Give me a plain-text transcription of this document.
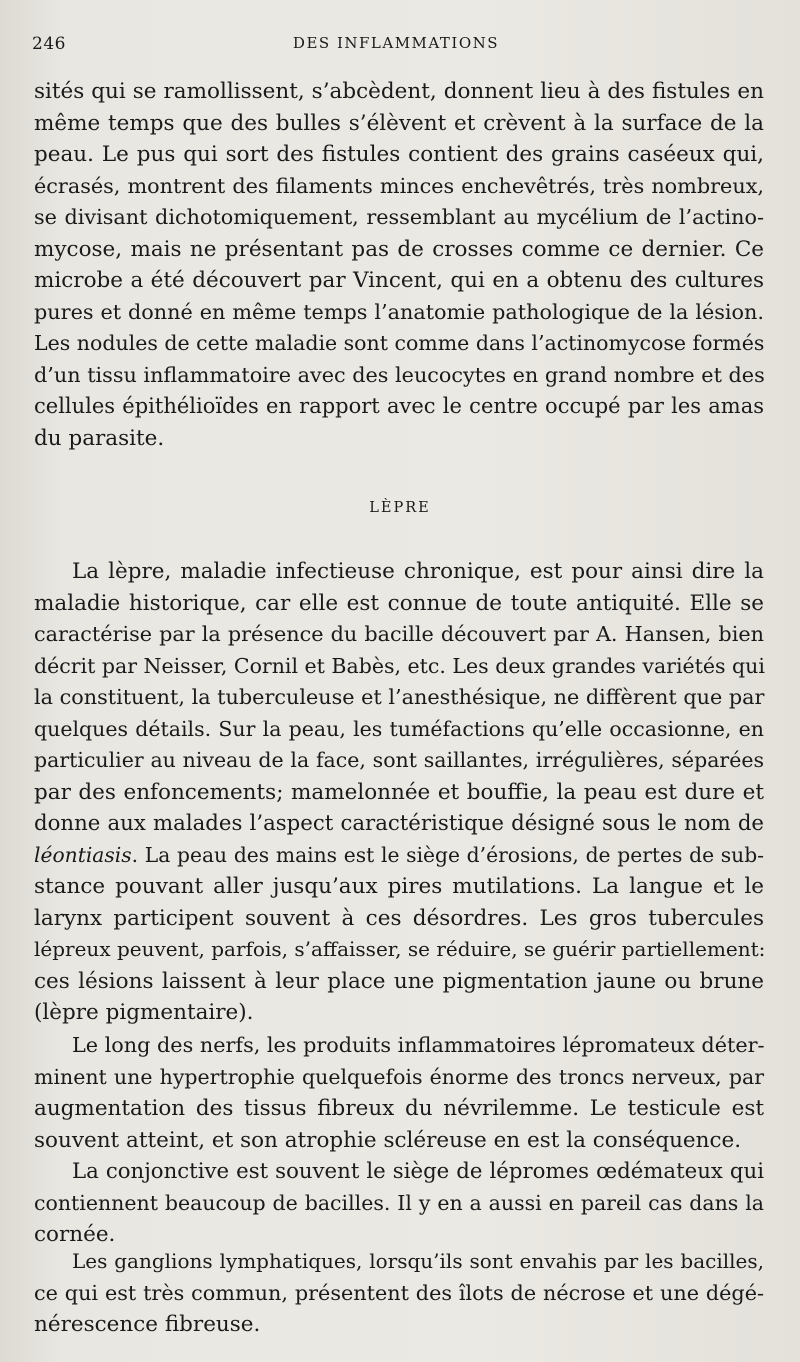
246	DES INFLAMMATIONS
sités qui se ramollissent, s’abcèdent, donnent lieu à des fistules en
même temps que des bulles s’élèvent et crèvent à la surface de la
peau. Le pus qui sort des fistules contient des grains caséeux qui,
écrasés, montrent des filaments minces enchevêtrés, très nombreux,
se divisant dichotomiquement, ressemblant au mycélium de l’actino-
mycose, mais ne présentant pas de crosses comme ce dernier. Ce
microbe a été découvert par Vincent, qui en a obtenu des cultures
pures et donné en même temps l’anatomie pathologique de la lésion.
Les nodules de cette maladie sont comme dans l’actinomycose formés
d’un tissu inflammatoire avec des leucocytes en grand nombre et des
cellules épithélioïdes en rapport avec le centre occupé par les amas
du parasite.
LÈPRE
La lèpre, maladie infectieuse chronique, est pour ainsi dire la
maladie historique, car elle est connue de toute antiquité. Elle se
caractérise par la présence du bacille découvert par A. Hansen, bien
décrit par Neisser, Cornil et Babès, etc. Les deux grandes variétés qui
la constituent, la tuberculeuse et l’anesthésique, ne diffèrent que par
quelques détails. Sur la peau, les tuméfactions qu’elle occasionne, en
particulier au niveau de la face, sont saillantes, irrégulières, séparées
par des enfoncements; mamelonnée et bouffie, la peau est dure et
donne aux malades l’aspect caractéristique désigné sous le nom de
léontiasis. La peau des mains est le siège d’érosions, de pertes de sub-
stance pouvant aller jusqu’aux pires mutilations. La langue et le
larynx participent souvent à ces désordres. Les gros tubercules
lépreux peuvent, parfois, s’affaisser, se réduire, se guérir partiellement:
ces lésions laissent à leur place une pigmentation jaune ou brune
(lèpre pigmentaire).
Le long des nerfs, les produits inflammatoires lépromateux déter-
minent une hypertrophie quelquefois énorme des troncs nerveux, par
augmentation des tissus fibreux du névrilemme. Le testicule est
souvent atteint, et son atrophie scléreuse en est la conséquence.
La conjonctive est souvent le siège de lépromes œdémateux qui
contiennent beaucoup de bacilles. Il y en a aussi en pareil cas dans la
cornée.
Les ganglions lymphatiques, lorsqu’ils sont envahis par les bacilles,
ce qui est très commun, présentent des îlots de nécrose et une dégé-
nérescence fibreuse.
